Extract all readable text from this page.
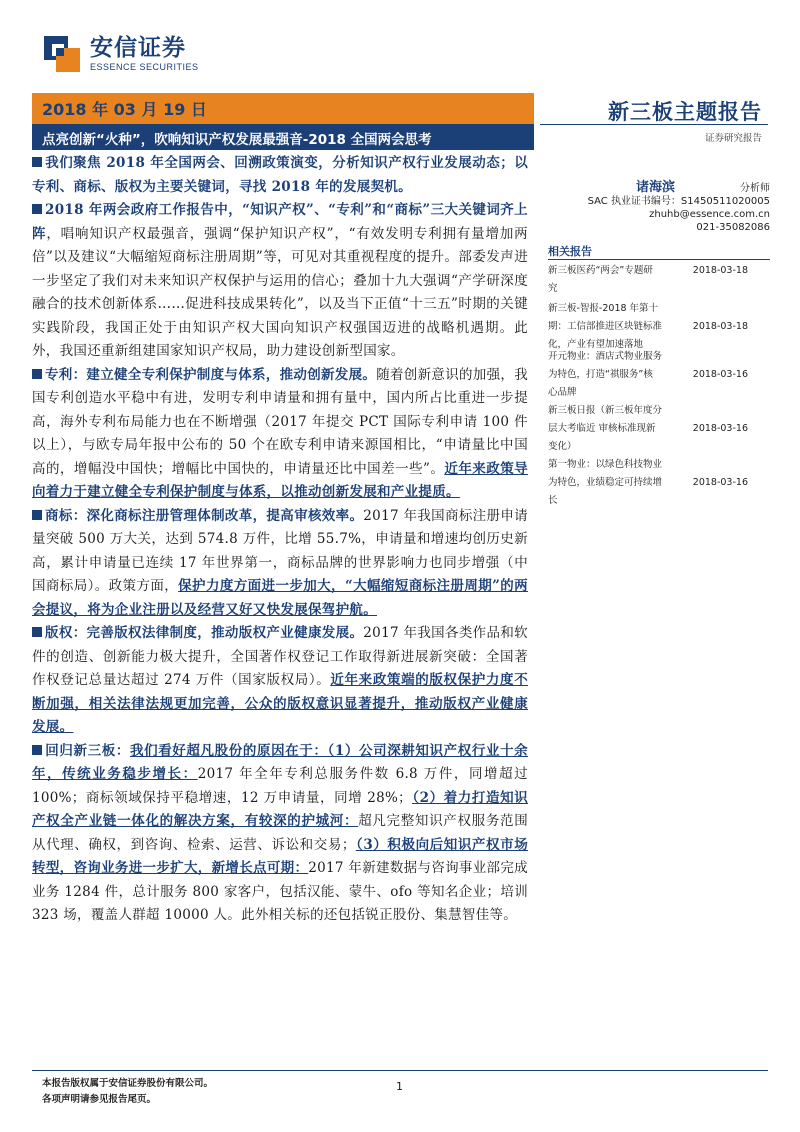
安信证券
ESSENCE SECURITIES
2018 年 03 月 19 日
点亮创新“火种”，吹响知识产权发展最强音-2018 全国两会思考
新三板主题报告
证券研究报告

我们聚焦 2018 年全国两会、回溯政策演变，分析知识产权行业发展动态；以专利、商标、版权为主要关键词，寻找 2018 年的发展契机。

2018 年两会政府工作报告中，“知识产权”、“专利”和“商标”三大关键词齐上阵，唱响知识产权最强音，强调“保护知识产权”，“有效发明专利拥有量增加两倍”以及建议“大幅缩短商标注册周期”等，可见对其重视程度的提升。部委发声进一步坚定了我们对未来知识产权保护与运用的信心；叠加十九大强调“产学研深度融合的技术创新体系……促进科技成果转化”，以及当下正值“十三五”时期的关键实践阶段，我国正处于由知识产权大国向知识产权强国迈进的战略机遇期。此外，我国还重新组建国家知识产权局，助力建设创新型国家。

专利：建立健全专利保护制度与体系，推动创新发展。随着创新意识的加强，我国专利创造水平稳中有进，发明专利申请量和拥有量中，国内所占比重进一步提高，海外专利布局能力也在不断增强（2017 年提交 PCT 国际专利申请 100 件以上），与欧专局年报中公布的 50 个在欧专利申请来源国相比，“申请量比中国高的，增幅没中国快；增幅比中国快的，申请量还比中国差一些”。近年来政策导向着力于建立健全专利保护制度与体系，以推动创新发展和产业提质。

商标：深化商标注册管理体制改革，提高审核效率。2017 年我国商标注册申请量突破 500 万大关，达到 574.8 万件，比增 55.7%，申请量和增速均创历史新高，累计申请量已连续 17 年世界第一，商标品牌的世界影响力也同步增强（中国商标局）。政策方面，保护力度方面进一步加大，“大幅缩短商标注册周期”的两会提议，将为企业注册以及经营又好又快发展保驾护航。

版权：完善版权法律制度，推动版权产业健康发展。2017 年我国各类作品和软件的创造、创新能力极大提升，全国著作权登记工作取得新进展新突破：全国著作权登记总量达超过 274 万件（国家版权局）。近年来政策端的版权保护力度不断加强，相关法律法规更加完善，公众的版权意识显著提升，推动版权产业健康发展。

回归新三板：我们看好超凡股份的原因在于：（1）公司深耕知识产权行业十余年，传统业务稳步增长：2017 年全年专利总服务件数 6.8 万件，同增超过 100%；商标领域保持平稳增速，12 万申请量，同增 28%；（2）着力打造知识产权全产业链一体化的解决方案，有较深的护城河：超凡完整知识产权服务范围从代理、确权，到咨询、检索、运营、诉讼和交易；（3）积极向后知识产权市场转型，咨询业务进一步扩大，新增长点可期：2017 年新建数据与咨询事业部完成业务 1284 件，总计服务 800 家客户，包括汉能、蒙牛、ofo 等知名企业；培训 323 场，覆盖人群超 10000 人。此外相关标的还包括锐正股份、集慧智佳等。

诸海滨	分析师
SAC 执业证书编号：S1450511020005
zhuhb@essence.com.cn
021-35082086
相关报告
新三板医药“两会”专题研
究
2018-03-18
新三板-智报-2018 年第十
期：工信部推进区块链标准
化，产业有望加速落地
2018-03-18
开元物业：酒店式物业服务
为特色，打造“祺服务”核
心品牌
2018-03-16
新三板日报（新三板年度分
层大考临近 审核标准现新
变化）
2018-03-16
第一物业：以绿色科技物业
为特色，业绩稳定可持续增
长
2018-03-16
本报告版权属于安信证券股份有限公司。
各项声明请参见报告尾页。
1
